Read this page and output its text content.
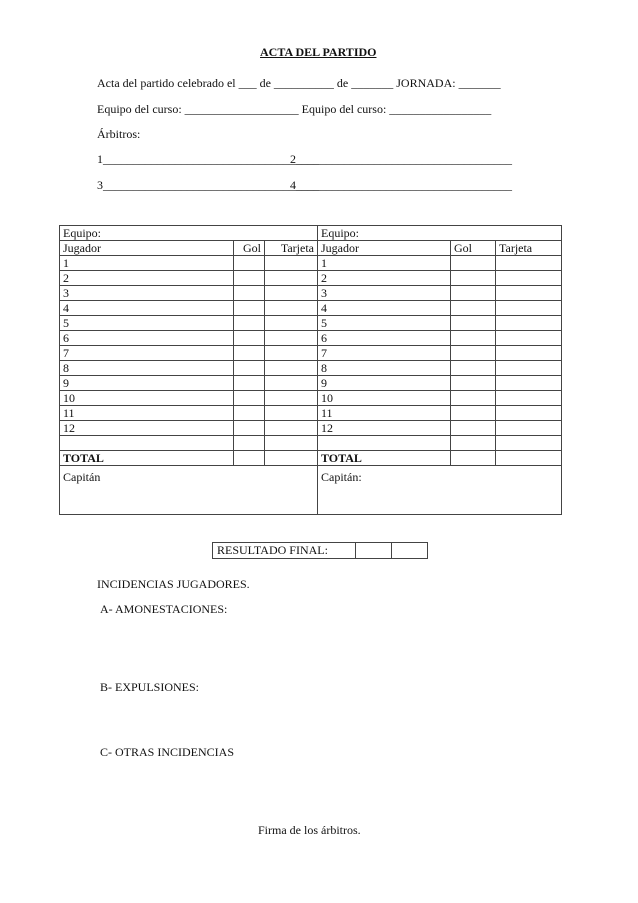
ACTA DEL PARTIDO
Acta del partido celebrado el ___ de __________ de _______ JORNADA: _______
Equipo del curso: ___________________ Equipo del curso: _________________
Árbitros:
1____________________________________
2____________________________________
3____________________________________
4____________________________________
Equipo:			Equipo:		
Jugador	Gol	Tarjeta	Jugador	Gol	Tarjeta
1			1		
2			2		
3			3		
4			4		
5			5		
6			6		
7			7		
8			8		
9			9		
10			10		
11			11		
12			12		

TOTAL			TOTAL		
Capitán			Capitán:		
RESULTADO FINAL:		
INCIDENCIAS JUGADORES.
A- AMONESTACIONES:
B- EXPULSIONES:
C- OTRAS INCIDENCIAS
Firma de los árbitros.
